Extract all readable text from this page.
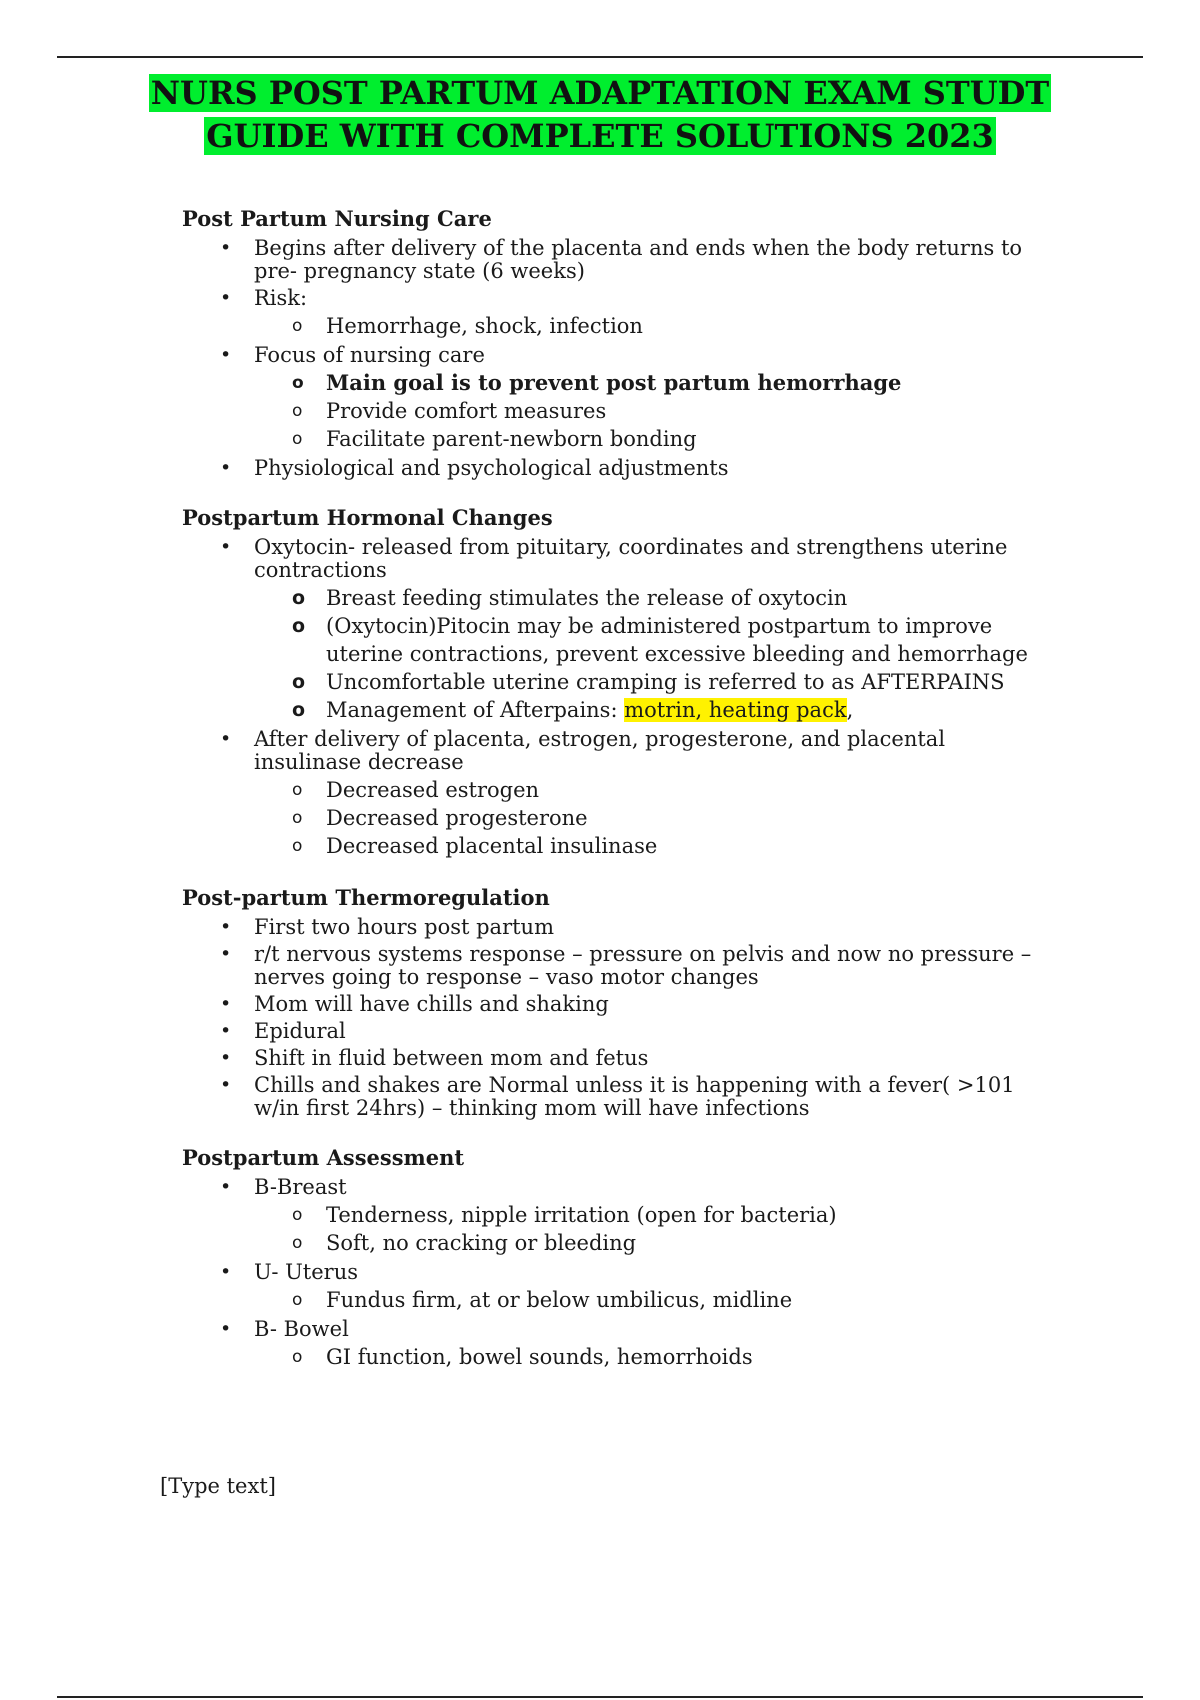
NURS POST PARTUM ADAPTATION EXAM STUDT
GUIDE WITH COMPLETE SOLUTIONS 2023

Post Partum Nursing Care

• Begins after delivery of the placenta and ends when the body returns to pre- pregnancy state (6 weeks)
• Risk:
o Hemorrhage, shock, infection
• Focus of nursing care
o Main goal is to prevent post partum hemorrhage
o Provide comfort measures
o Facilitate parent-newborn bonding
• Physiological and psychological adjustments

Postpartum Hormonal Changes

• Oxytocin- released from pituitary, coordinates and strengthens uterine contractions
o Breast feeding stimulates the release of oxytocin
o (Oxytocin)Pitocin may be administered postpartum to improve uterine contractions, prevent excessive bleeding and hemorrhage
o Uncomfortable uterine cramping is referred to as AFTERPAINS
o Management of Afterpains: motrin, heating pack,
• After delivery of placenta, estrogen, progesterone, and placental insulinase decrease
o Decreased estrogen
o Decreased progesterone
o Decreased placental insulinase

Post-partum Thermoregulation

• First two hours post partum
• r/t nervous systems response – pressure on pelvis and now no pressure – nerves going to response – vaso motor changes
• Mom will have chills and shaking
• Epidural
• Shift in fluid between mom and fetus
• Chills and shakes are Normal unless it is happening with a fever( >101 w/in first 24hrs) – thinking mom will have infections

Postpartum Assessment

• B-Breast
o Tenderness, nipple irritation (open for bacteria)
o Soft, no cracking or bleeding
• U- Uterus
o Fundus firm, at or below umbilicus, midline
• B- Bowel
o GI function, bowel sounds, hemorrhoids
[Type text]
